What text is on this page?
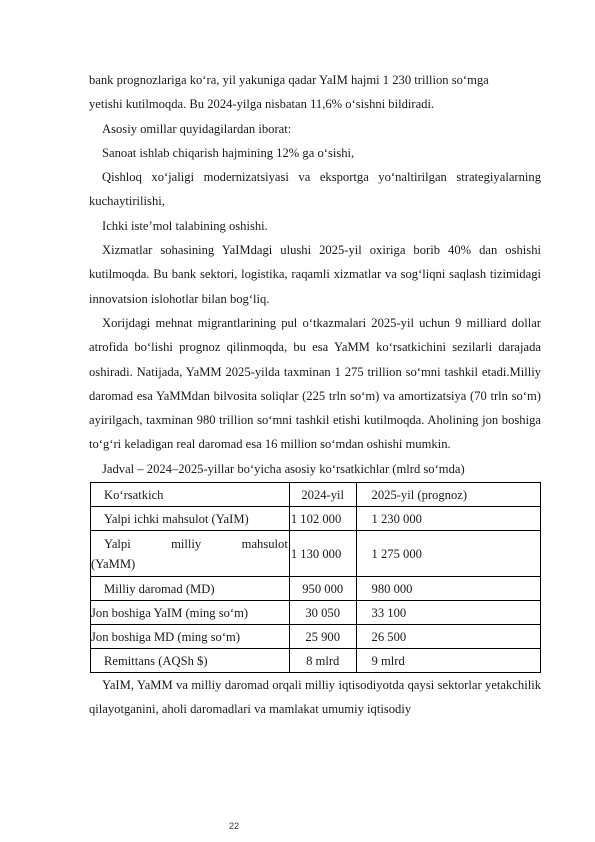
bank prognozlariga ko‘ra, yil yakuniga qadar YaIM hajmi 1 230 trillion so‘mga
yetishi kutilmoqda. Bu 2024-yilga nisbatan 11,6% o‘sishni bildiradi.

Asosiy omillar quyidagilardan iborat:

Sanoat ishlab chiqarish hajmining 12% ga o‘sishi,

Qishloq xo‘jaligi modernizatsiyasi va eksportga yo‘naltirilgan strategiyalarning kuchaytirilishi,

Ichki iste’mol talabining oshishi.

Xizmatlar sohasining YaIMdagi ulushi 2025-yil oxiriga borib 40% dan oshishi kutilmoqda. Bu bank sektori, logistika, raqamli xizmatlar va sog‘liqni saqlash tizimidagi innovatsion islohotlar bilan bog‘liq.

Xorijdagi mehnat migrantlarining pul o‘tkazmalari 2025-yil uchun 9 milliard dollar atrofida bo‘lishi prognoz qilinmoqda, bu esa YaMM ko‘rsatkichini sezilarli darajada oshiradi. Natijada, YaMM 2025-yilda taxminan 1 275 trillion so‘mni tashkil etadi.Milliy daromad esa YaMMdan bilvosita soliqlar (225 trln so‘m) va amortizatsiya (70 trln so‘m) ayirilgach, taxminan 980 trillion so‘mni tashkil etishi kutilmoqda. Aholining jon boshiga to‘g‘ri keladigan real daromad esa 16 million so‘mdan oshishi mumkin.

Jadval – 2024–2025-yillar bo‘yicha asosiy ko‘rsatkichlar (mlrd so‘mda)

Ko‘rsatkich	2024-yil	2025-yil (prognoz)
Yalpi ichki mahsulot (YaIM)	1 102 000	1 230 000

Yalpi milliy mahsulot
(YaMM)	1 130 000	1 275 000
Milliy daromad (MD)	950 000	980 000
Jon boshiga YaIM (ming so‘m)	30 050	33 100
Jon boshiga MD (ming so‘m)	25 900	26 500
Remittans (AQSh $)	8 mlrd	9 mlrd

YaIM, YaMM va milliy daromad orqali milliy iqtisodiyotda qaysi sektorlar yetakchilik qilayotganini, aholi daromadlari va mamlakat umumiy iqtisodiy

22
